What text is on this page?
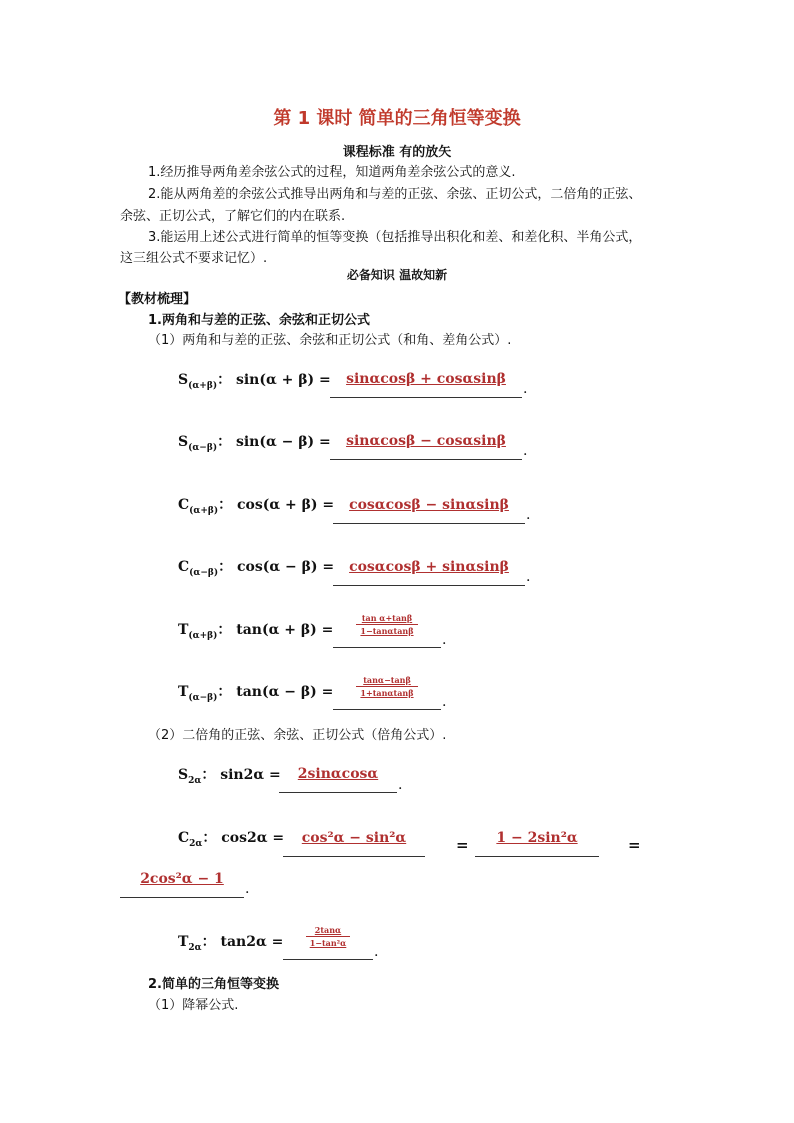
第 1 课时 简单的三角恒等变换
课程标准 有的放矢
1.经历推导两角差余弦公式的过程，知道两角差余弦公式的意义.
2.能从两角差的余弦公式推导出两角和与差的正弦、余弦、正切公式，二倍角的正弦、
余弦、正切公式，了解它们的内在联系.
3.能运用上述公式进行简单的恒等变换（包括推导出积化和差、和差化积、半角公式，
这三组公式不要求记忆）.
必备知识 温故知新
【教材梳理】
1.两角和与差的正弦、余弦和正切公式
（1）两角和与差的正弦、余弦和正切公式（和角、差角公式）.
$S_{(\alpha+\beta)}$： sin(α + β) =	sinαcosβ + cosαsinβ
.
$S_{(\alpha-\beta)}$： sin(α − β) =	sinαcosβ − cosαsinβ
.
$C_{(\alpha+\beta)}$： cos(α + β) =	cosαcosβ − sinαsinβ
.
$C_{(\alpha-\beta)}$： cos(α − β) =	cosαcosβ + sinαsinβ
.
$T_{(\alpha+\beta)}$： $\tan(\alpha + \beta) = \frac{\text{tan α+tanβ}}{1-\tan\alpha\tan\beta}$
.
$T_{(\alpha-\beta)}$： $\tan(\alpha - \beta) = \frac{\tan\alpha-\tan\beta}{1+\tan\alpha\tan\beta}$
.
（2）二倍角的正弦、余弦、正切公式（倍角公式）.
$S_{2\alpha}$： sin2α =	2sinαcosα
.
$C_{2\alpha}$： cos2α =	cos²α − sin²α	=	1 − 2sin²α	=
2cos²α − 1
.
$T_{2\alpha}$： $\tan 2\alpha = \frac{2\tan\alpha}{\text{1−tan²α}}$
.
2.简单的三角恒等变换
（1）降幂公式.
